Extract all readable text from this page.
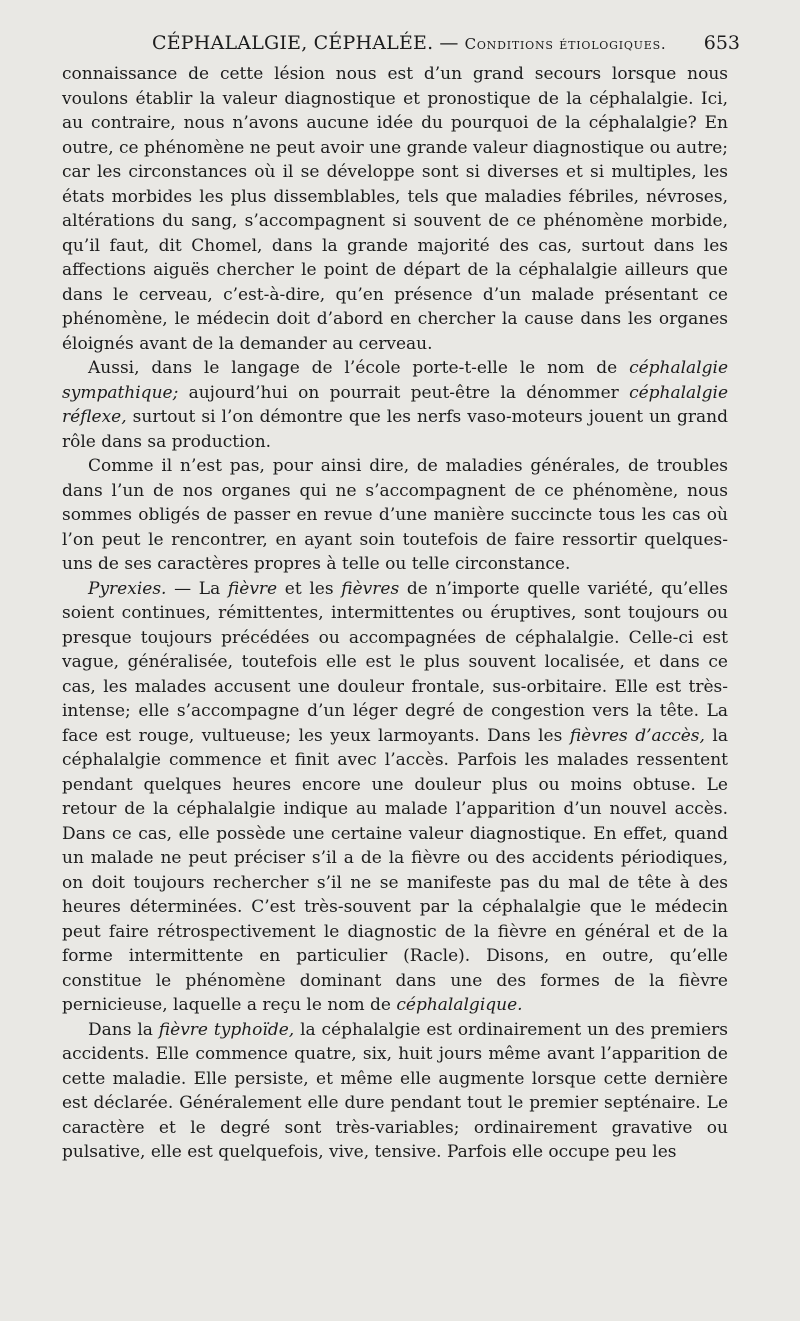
CÉPHALALGIE, CÉPHALÉE. — Conditions étiologiques. 653

connaissance de cette lésion nous est d’un grand secours lorsque nous voulons établir la valeur diagnostique et pronostique de la céphalalgie. Ici, au contraire, nous n’avons aucune idée du pourquoi de la céphalalgie? En outre, ce phénomène ne peut avoir une grande valeur diagnostique ou autre; car les circonstances où il se développe sont si diverses et si multiples, les états morbides les plus dissemblables, tels que maladies fébriles, névroses, altérations du sang, s’accompagnent si souvent de ce phénomène morbide, qu’il faut, dit Chomel, dans la grande majorité des cas, surtout dans les affections aiguës chercher le point de départ de la céphalalgie ailleurs que dans le cerveau, c’est-à-dire, qu’en présence d’un malade présentant ce phénomène, le médecin doit d’abord en chercher la cause dans les organes éloignés avant de la demander au cerveau.

Aussi, dans le langage de l’école porte-t-elle le nom de céphalalgie sympathique; aujourd’hui on pourrait peut-être la dénommer céphalalgie réflexe, surtout si l’on démontre que les nerfs vaso-moteurs jouent un grand rôle dans sa production.

Comme il n’est pas, pour ainsi dire, de maladies générales, de troubles dans l’un de nos organes qui ne s’accompagnent de ce phénomène, nous sommes obligés de passer en revue d’une manière succincte tous les cas où l’on peut le rencontrer, en ayant soin toutefois de faire ressortir quelques-uns de ses caractères propres à telle ou telle circonstance.

Pyrexies. — La fièvre et les fièvres de n’importe quelle variété, qu’elles soient continues, rémittentes, intermittentes ou éruptives, sont toujours ou presque toujours précédées ou accompagnées de céphalalgie. Celle-ci est vague, généralisée, toutefois elle est le plus souvent localisée, et dans ce cas, les malades accusent une douleur frontale, sus-orbitaire. Elle est très-intense; elle s’accompagne d’un léger degré de congestion vers la tête. La face est rouge, vultueuse; les yeux larmoyants. Dans les fièvres d’accès, la céphalalgie commence et finit avec l’accès. Parfois les malades ressentent pendant quelques heures encore une douleur plus ou moins obtuse. Le retour de la céphalalgie indique au malade l’apparition d’un nouvel accès. Dans ce cas, elle possède une certaine valeur diagnostique. En effet, quand un malade ne peut préciser s’il a de la fièvre ou des accidents périodiques, on doit toujours rechercher s’il ne se manifeste pas du mal de tête à des heures déterminées. C’est très-souvent par la céphalalgie que le médecin peut faire rétrospectivement le diagnostic de la fièvre en général et de la forme intermittente en particulier (Racle). Disons, en outre, qu’elle constitue le phénomène dominant dans une des formes de la fièvre pernicieuse, laquelle a reçu le nom de céphalalgique.

Dans la fièvre typhoïde, la céphalalgie est ordinairement un des premiers accidents. Elle commence quatre, six, huit jours même avant l’apparition de cette maladie. Elle persiste, et même elle augmente lorsque cette dernière est déclarée. Généralement elle dure pendant tout le premier septénaire. Le caractère et le degré sont très-variables; ordinairement gravative ou pulsative, elle est quelquefois, vive, tensive. Parfois elle occupe peu les
